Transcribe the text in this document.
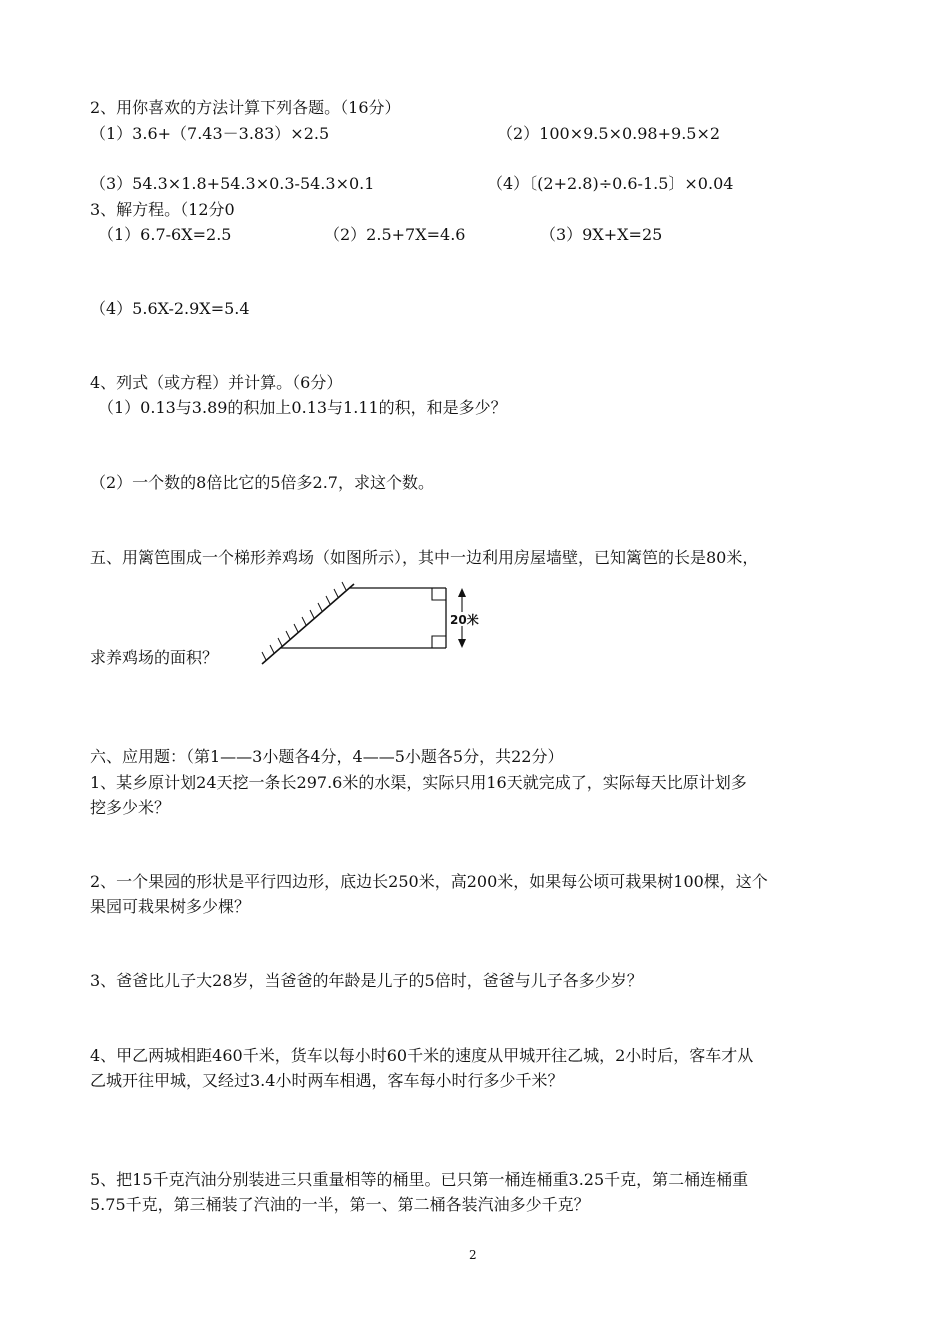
2、用你喜欢的方法计算下列各题。（16分）
（1）3.6+（7.43－3.83）×2.5	（2）100×9.5×0.98+9.5×2
（3）54.3×1.8+54.3×0.3-54.3×0.1	（4）〔(2+2.8)÷0.6-1.5〕×0.04
3、解方程。（12分0
（1）6.7-6X=2.5	（2）2.5+7X=4.6	（3）9X+X=25
（4）5.6X-2.9X=5.4
4、列式（或方程）并计算。（6分）
（1）0.13与3.89的积加上0.13与1.11的积，和是多少？
（2）一个数的8倍比它的5倍多2.7，求这个数。
五、用篱笆围成一个梯形养鸡场（如图所示），其中一边利用房屋墙壁，已知篱笆的长是80米，
求养鸡场的面积？
20米
六、应用题：（第1——3小题各4分，4——5小题各5分，共22分）
1、某乡原计划24天挖一条长297.6米的水渠，实际只用16天就完成了，实际每天比原计划多
挖多少米？
2、一个果园的形状是平行四边形，底边长250米，高200米，如果每公顷可栽果树100棵，这个
果园可栽果树多少棵？
3、爸爸比儿子大28岁，当爸爸的年龄是儿子的5倍时，爸爸与儿子各多少岁？
4、甲乙两城相距460千米，货车以每小时60千米的速度从甲城开往乙城，2小时后，客车才从
乙城开往甲城，又经过3.4小时两车相遇，客车每小时行多少千米？
5、把15千克汽油分别装进三只重量相等的桶里。已只第一桶连桶重3.25千克，第二桶连桶重
5.75千克，第三桶装了汽油的一半，第一、第二桶各装汽油多少千克？
2
